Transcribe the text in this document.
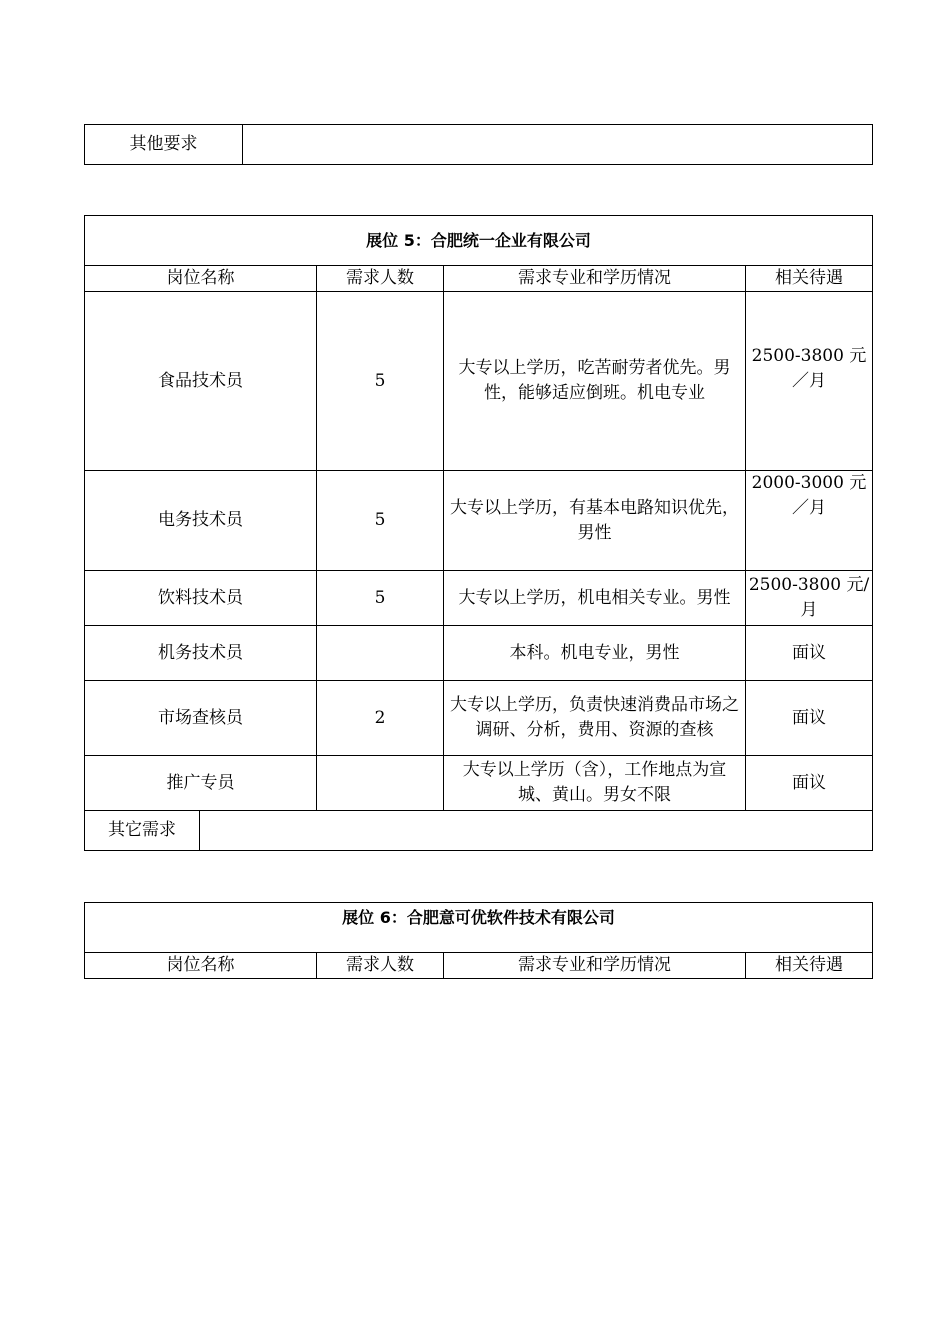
其他要求	
展位 5：合肥统一企业有限公司				
岗位名称		需求人数	需求专业和学历情况	相关待遇
食品技术员		5	大专以上学历，吃苦耐劳者优先。男性，能够适应倒班。机电专业	2500-3800 元／月
电务技术员		5	大专以上学历，有基本电路知识优先，男性	2000-3000 元／月
饮料技术员		5	大专以上学历，机电相关专业。男性	2500-3800 元/月
机务技术员			本科。机电专业，男性	面议
市场查核员		2	大专以上学历，负责快速消费品市场之调研、分析，费用、资源的查核	面议
推广专员			大专以上学历（含），工作地点为宣城、黄山。男女不限	面议
其它需求				
展位 6：合肥意可优软件技术有限公司
岗位名称	需求人数	需求专业和学历情况	相关待遇
